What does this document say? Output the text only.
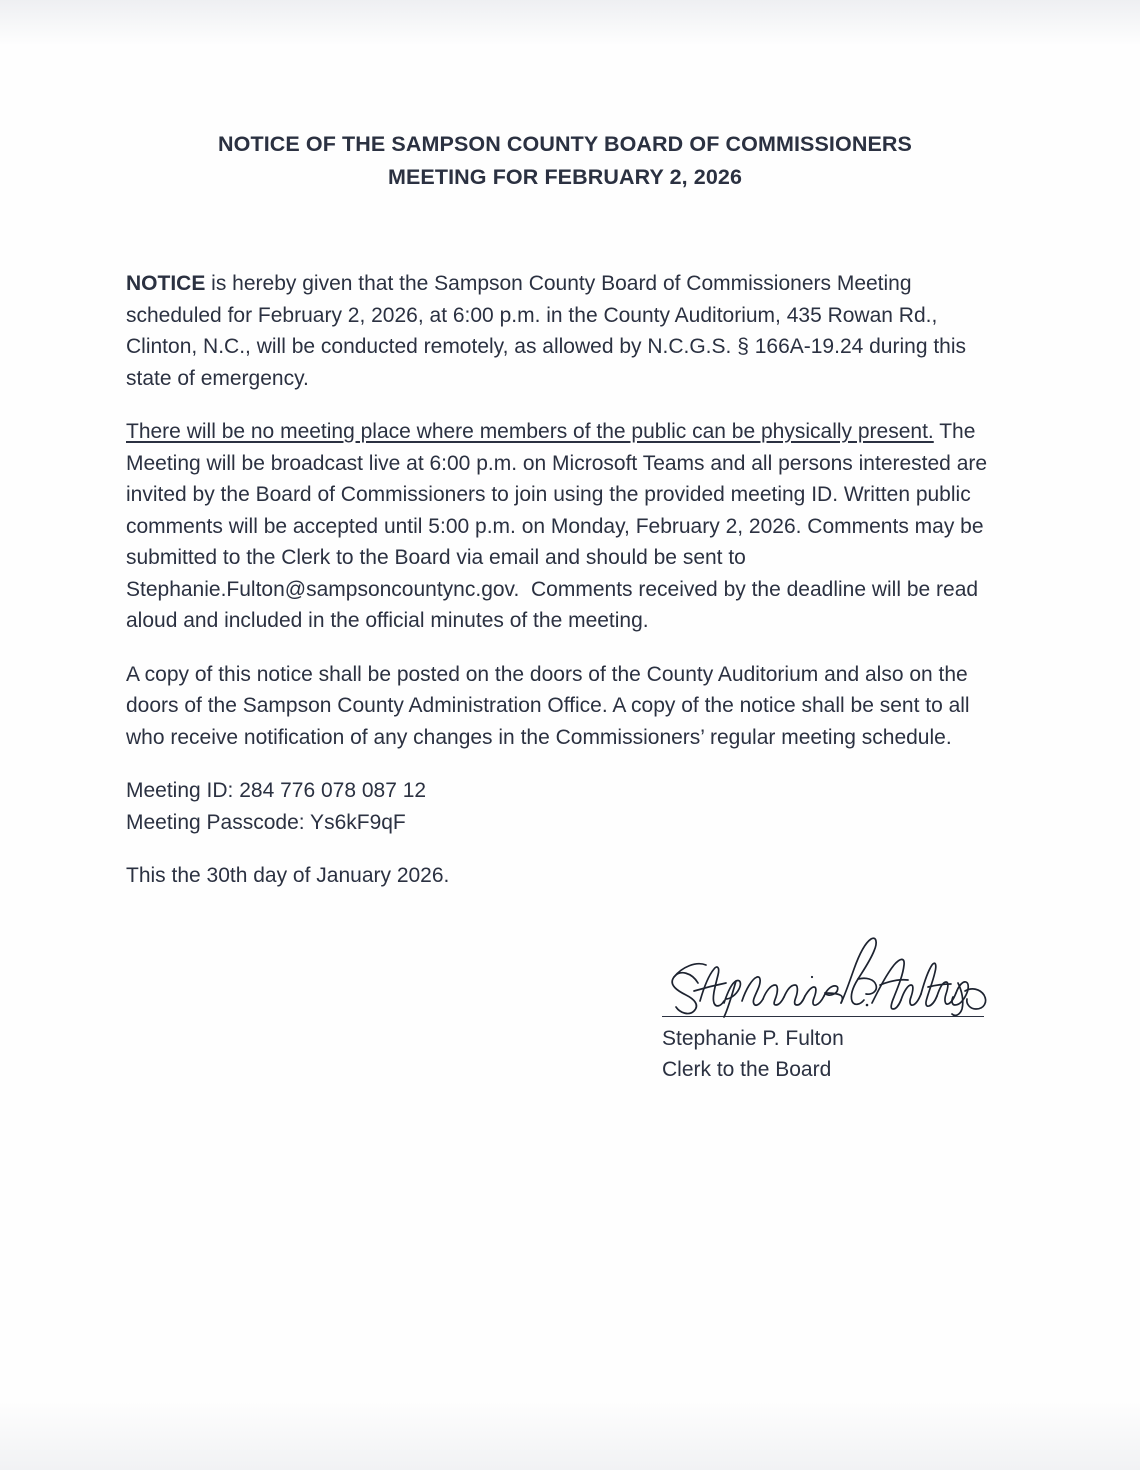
NOTICE OF THE SAMPSON COUNTY BOARD OF COMMISSIONERS
MEETING FOR FEBRUARY 2, 2026

NOTICE is hereby given that the Sampson County Board of Commissioners Meeting scheduled for February 2, 2026, at 6:00 p.m. in the County Auditorium, 435 Rowan Rd., Clinton, N.C., will be conducted remotely, as allowed by N.C.G.S. § 166A-19.24 during this state of emergency.

There will be no meeting place where members of the public can be physically present. The Meeting will be broadcast live at 6:00 p.m. on Microsoft Teams and all persons interested are invited by the Board of Commissioners to join using the provided meeting ID. Written public comments will be accepted until 5:00 p.m. on Monday, February 2, 2026. Comments may be submitted to the Clerk to the Board via email and should be sent to Stephanie.Fulton@sampsoncountync.gov.  Comments received by the deadline will be read aloud and included in the official minutes of the meeting.

A copy of this notice shall be posted on the doors of the County Auditorium and also on the doors of the Sampson County Administration Office. A copy of the notice shall be sent to all who receive notification of any changes in the Commissioners’ regular meeting schedule.

Meeting ID: 284 776 078 087 12
Meeting Passcode: Ys6kF9qF

This the 30th day of January 2026.

Stephanie P. Fulton
Clerk to the Board
